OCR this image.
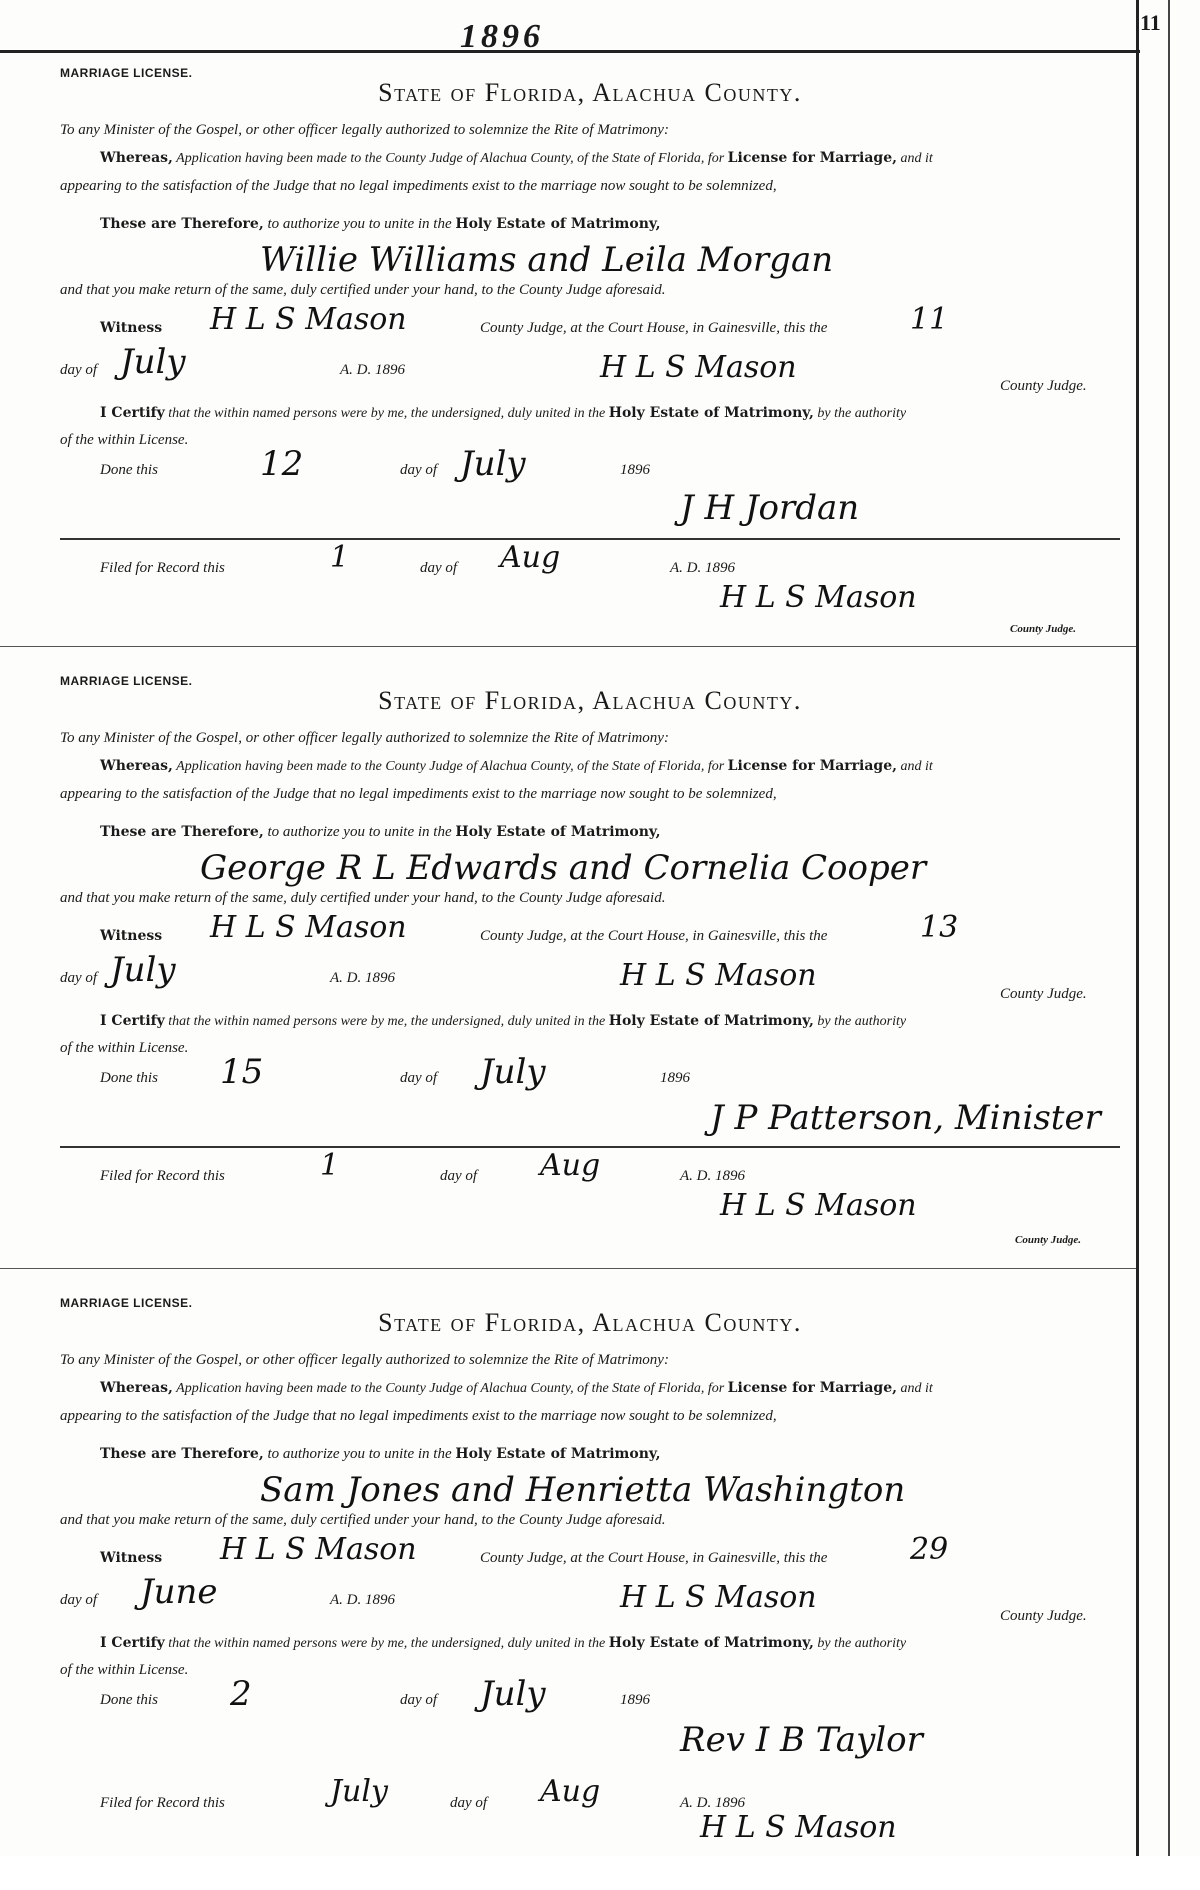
11
1896
MARRIAGE LICENSE.
State of Florida, Alachua County.
To any Minister of the Gospel, or other officer legally authorized to solemnize the Rite of Matrimony:
Whereas, Application having been made to the County Judge of Alachua County, of the State of Florida, for License for Marriage, and it
appearing to the satisfaction of the Judge that no legal impediments exist to the marriage now sought to be solemnized,
These are Therefore, to authorize you to unite in the Holy Estate of Matrimony,
Willie Williams and Leila Morgan
and that you make return of the same, duly certified under your hand, to the County Judge aforesaid.
Witness H L S Mason	County Judge, at the Court House, in Gainesville, this the	11
day of July	A. D. 1896	H L S Mason
County Judge.
I Certify that the within named persons were by me, the undersigned, duly united in the Holy Estate of Matrimony, by the authority
of the within License.
Done this	12	day of July	1896
J H Jordan
Filed for Record this	1	day of Aug	A. D. 1896
H L S Mason
County Judge.
MARRIAGE LICENSE.
State of Florida, Alachua County.
To any Minister of the Gospel, or other officer legally authorized to solemnize the Rite of Matrimony:
Whereas, Application having been made to the County Judge of Alachua County, of the State of Florida, for License for Marriage, and it
appearing to the satisfaction of the Judge that no legal impediments exist to the marriage now sought to be solemnized,
These are Therefore, to authorize you to unite in the Holy Estate of Matrimony,
George R L Edwards and Cornelia Cooper
and that you make return of the same, duly certified under your hand, to the County Judge aforesaid.
Witness H L S Mason	County Judge, at the Court House, in Gainesville, this the	13
day of July	A. D. 1896	H L S Mason
County Judge.
I Certify that the within named persons were by me, the undersigned, duly united in the Holy Estate of Matrimony, by the authority
of the within License.
Done this 15	day of July	1896
J P Patterson, Minister
Filed for Record this	1	day of Aug	A. D. 1896
H L S Mason
County Judge.
MARRIAGE LICENSE.
State of Florida, Alachua County.
To any Minister of the Gospel, or other officer legally authorized to solemnize the Rite of Matrimony:
Whereas, Application having been made to the County Judge of Alachua County, of the State of Florida, for License for Marriage, and it
appearing to the satisfaction of the Judge that no legal impediments exist to the marriage now sought to be solemnized,
These are Therefore, to authorize you to unite in the Holy Estate of Matrimony,
Sam Jones and Henrietta Washington
and that you make return of the same, duly certified under your hand, to the County Judge aforesaid.
Witness H L S Mason	County Judge, at the Court House, in Gainesville, this the	29
day of June	A. D. 1896	H L S Mason
County Judge.
I Certify that the within named persons were by me, the undersigned, duly united in the Holy Estate of Matrimony, by the authority
of the within License.
Done this 2	day of July	1896
Rev I B Taylor
Filed for Record this	July	day of Aug	A. D. 1896
H L S Mason
